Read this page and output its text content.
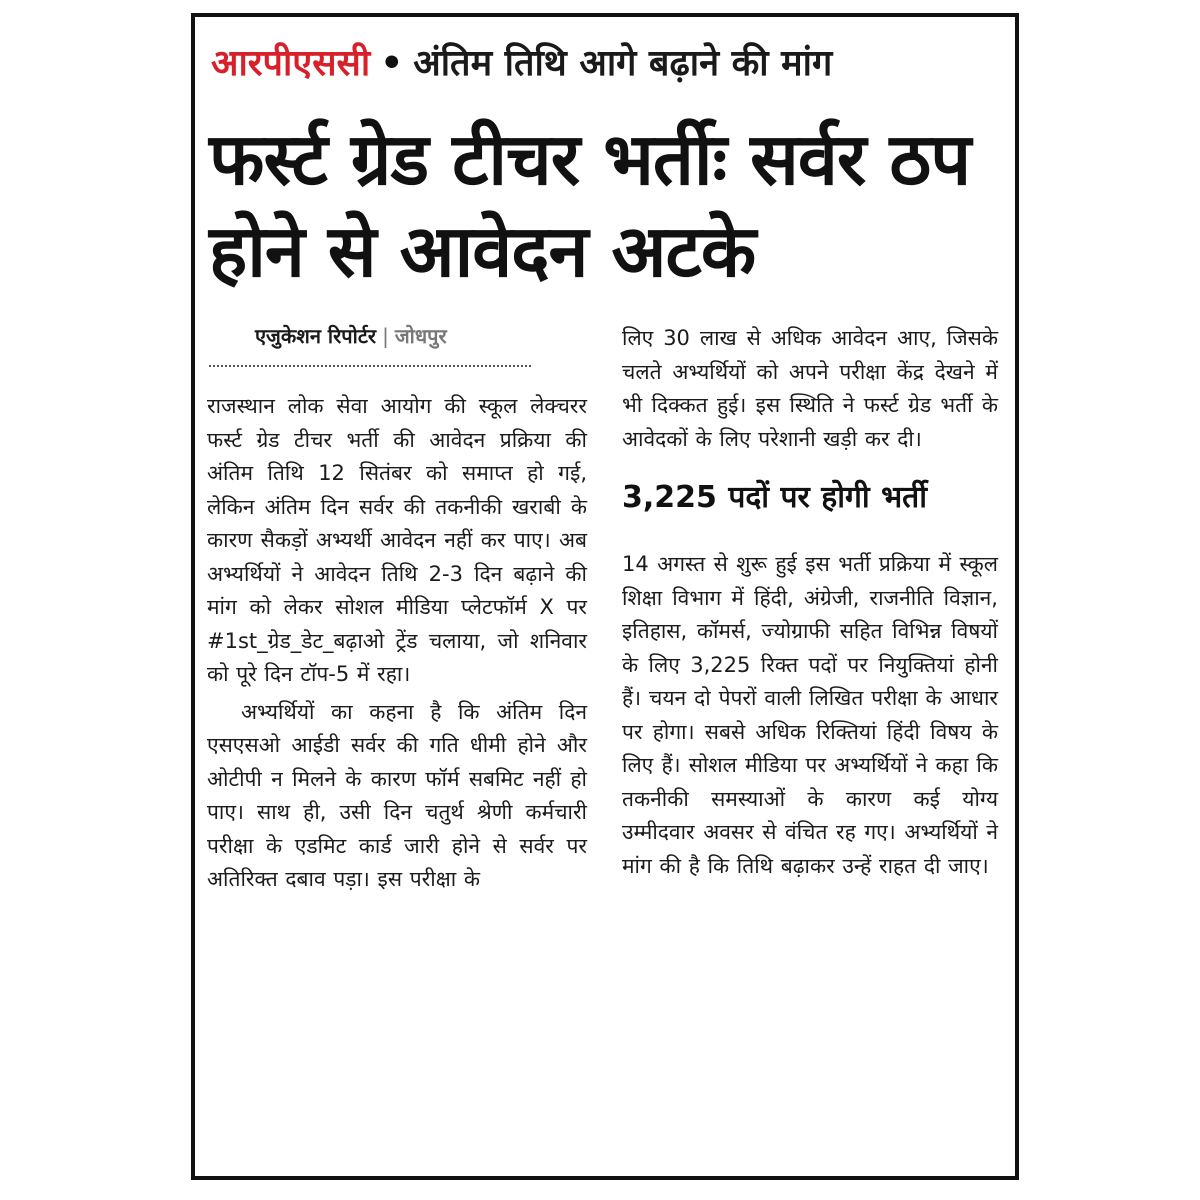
आरपीएससी • अंतिम तिथि आगे बढ़ाने की मांग
फर्स्ट ग्रेड टीचर भर्तीः सर्वर ठप होने से आवेदन अटके
एजुकेशन रिपोर्टर | जोधपुर

राजस्थान लोक सेवा आयोग की स्कूल लेक्चरर फर्स्ट ग्रेड टीचर भर्ती की आवेदन प्रक्रिया की अंतिम तिथि 12 सितंबर को समाप्त हो गई, लेकिन अंतिम दिन सर्वर की तकनीकी खराबी के कारण सैकड़ों अभ्यर्थी आवेदन नहीं कर पाए। अब अभ्यर्थियों ने आवेदन तिथि 2-3 दिन बढ़ाने की मांग को लेकर सोशल मीडिया प्लेटफॉर्म X पर #1st_ग्रेड_डेट_बढ़ाओ ट्रेंड चलाया, जो शनिवार को पूरे दिन टॉप-5 में रहा।

अभ्यर्थियों का कहना है कि अंतिम दिन एसएसओ आईडी सर्वर की गति धीमी होने और ओटीपी न मिलने के कारण फॉर्म सबमिट नहीं हो पाए। साथ ही, उसी दिन चतुर्थ श्रेणी कर्मचारी परीक्षा के एडमिट कार्ड जारी होने से सर्वर पर अतिरिक्त दबाव पड़ा। इस परीक्षा के

लिए 30 लाख से अधिक आवेदन आए, जिसके चलते अभ्यर्थियों को अपने परीक्षा केंद्र देखने में भी दिक्कत हुई। इस स्थिति ने फर्स्ट ग्रेड भर्ती के आवेदकों के लिए परेशानी खड़ी कर दी।

3,225 पदों पर होगी भर्ती

14 अगस्त से शुरू हुई इस भर्ती प्रक्रिया में स्कूल शिक्षा विभाग में हिंदी, अंग्रेजी, राजनीति विज्ञान, इतिहास, कॉमर्स, ज्योग्राफी सहित विभिन्न विषयों के लिए 3,225 रिक्त पदों पर नियुक्तियां होनी हैं। चयन दो पेपरों वाली लिखित परीक्षा के आधार पर होगा। सबसे अधिक रिक्तियां हिंदी विषय के लिए हैं। सोशल मीडिया पर अभ्यर्थियों ने कहा कि तकनीकी समस्याओं के कारण कई योग्य उम्मीदवार अवसर से वंचित रह गए। अभ्यर्थियों ने मांग की है कि तिथि बढ़ाकर उन्हें राहत दी जाए।
